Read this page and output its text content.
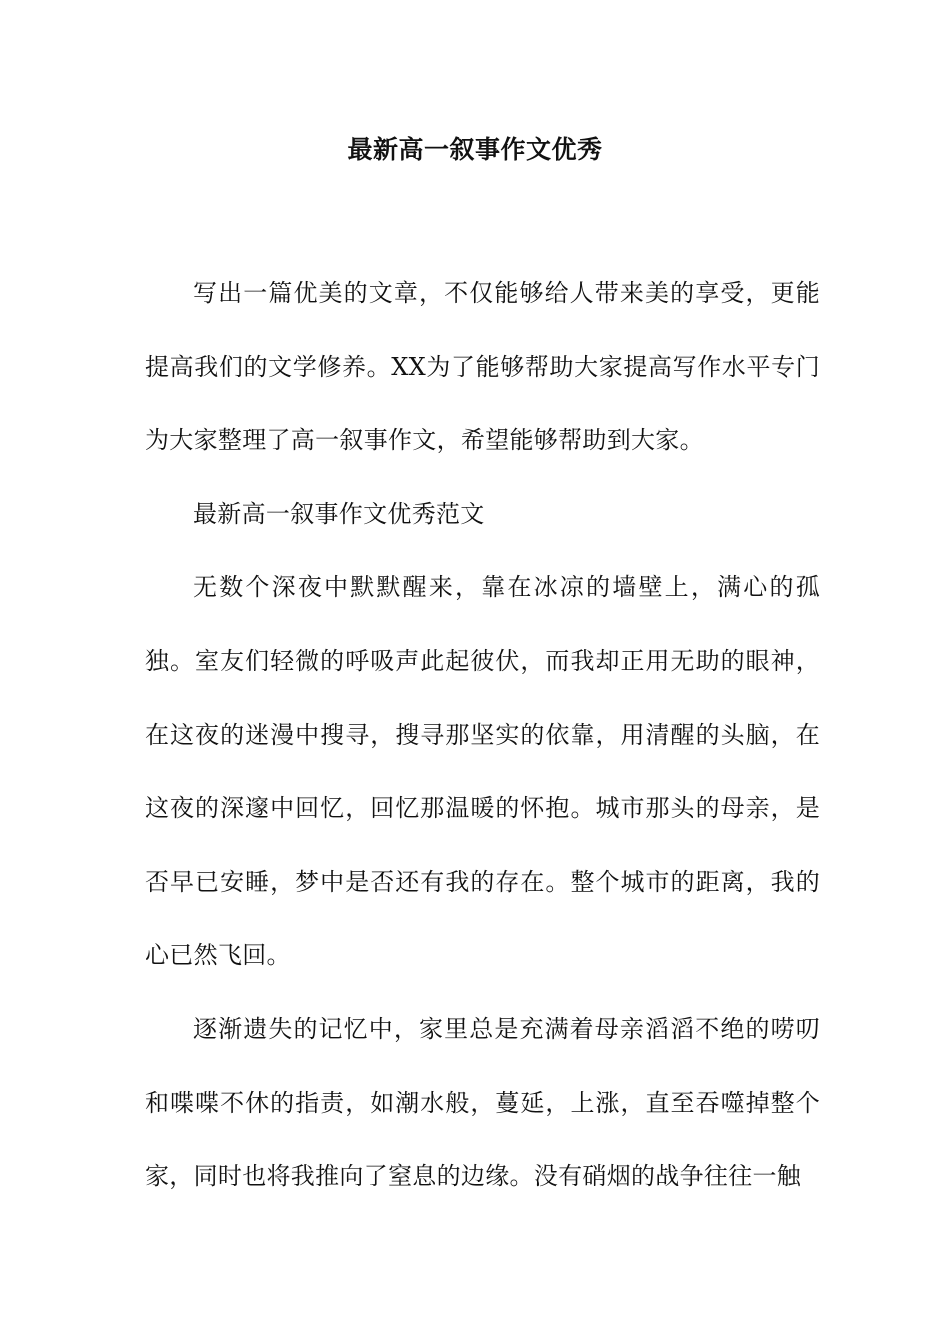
最新高一叙事作文优秀

写出一篇优美的文章，不仅能够给人带来美的享受，更能提高我们的文学修养。XX为了能够帮助大家提高写作水平专门为大家整理了高一叙事作文，希望能够帮助到大家。

最新高一叙事作文优秀范文

无数个深夜中默默醒来，靠在冰凉的墙壁上，满心的孤独。室友们轻微的呼吸声此起彼伏，而我却正用无助的眼神，在这夜的迷漫中搜寻，搜寻那坚实的依靠，用清醒的头脑，在这夜的深邃中回忆，回忆那温暖的怀抱。城市那头的母亲，是否早已安睡，梦中是否还有我的存在。整个城市的距离，我的心已然飞回。

逐渐遗失的记忆中，家里总是充满着母亲滔滔不绝的唠叨和喋喋不休的指责，如潮水般，蔓延，上涨，直至吞噬掉整个家，同时也将我推向了窒息的边缘。没有硝烟的战争往往一触
